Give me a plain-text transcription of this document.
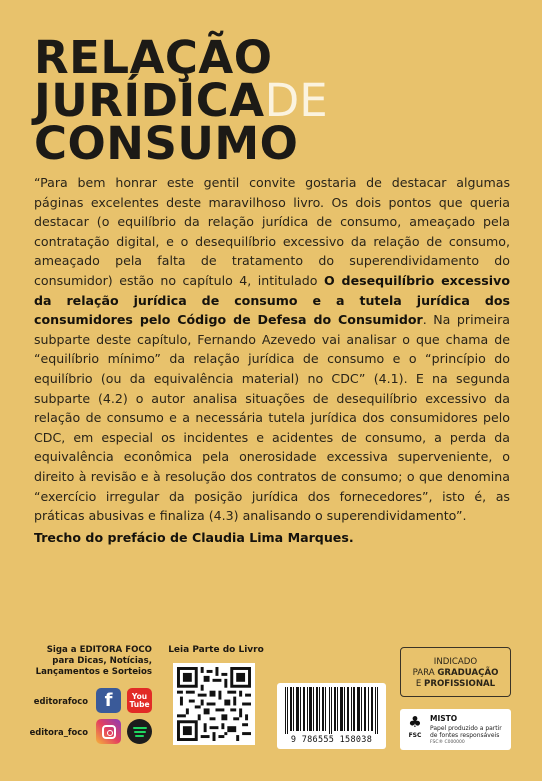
RELAÇÃO
JURÍDICADE
CONSUMO
“Para bem honrar este gentil convite gostaria de destacar algumas páginas excelentes deste maravilhoso livro. Os dois pontos que queria destacar (o equilíbrio da relação jurídica de consumo, ameaçado pela contratação digital, e o desequilíbrio excessivo da relação de consumo, ameaçado pela falta de tratamento do superendividamento do consumidor) estão no capítulo 4, intitulado O desequilíbrio excessivo da relação jurídica de consumo e a tutela jurídica dos consumidores pelo Código de Defesa do Consumidor. Na primeira subparte deste capítulo, Fernando Azevedo vai analisar o que chama de “equilíbrio mínimo” da relação jurídica de consumo e o “princípio do equilíbrio (ou da equivalência material) no CDC” (4.1). E na segunda subparte (4.2) o autor analisa situações de desequilíbrio excessivo da relação de consumo e a necessária tutela jurídica dos consumidores pelo CDC, em especial os incidentes e acidentes de consumo, a perda da equivalência econômica pela onerosidade excessiva superveniente, o direito à revisão e à resolução dos contratos de consumo; o que denomina “exercício irregular da posição jurídica dos fornecedores”, isto é, as práticas abusivas e finaliza (4.3) analisando o superendividamento”.
Trecho do prefácio de Claudia Lima Marques.
Siga a EDITORA FOCO
para Dicas, Notícias,
Lançamentos e Sorteios
editorafoco f	You
Tube
editora_foco
Leia Parte do Livro
9 786555 158038
INDICADO
PARA GRADUAÇÃO
E PROFISSIONAL
♣
FSC
MISTO
Papel produzido a partir de fontes responsáveis
FSC® C000000
